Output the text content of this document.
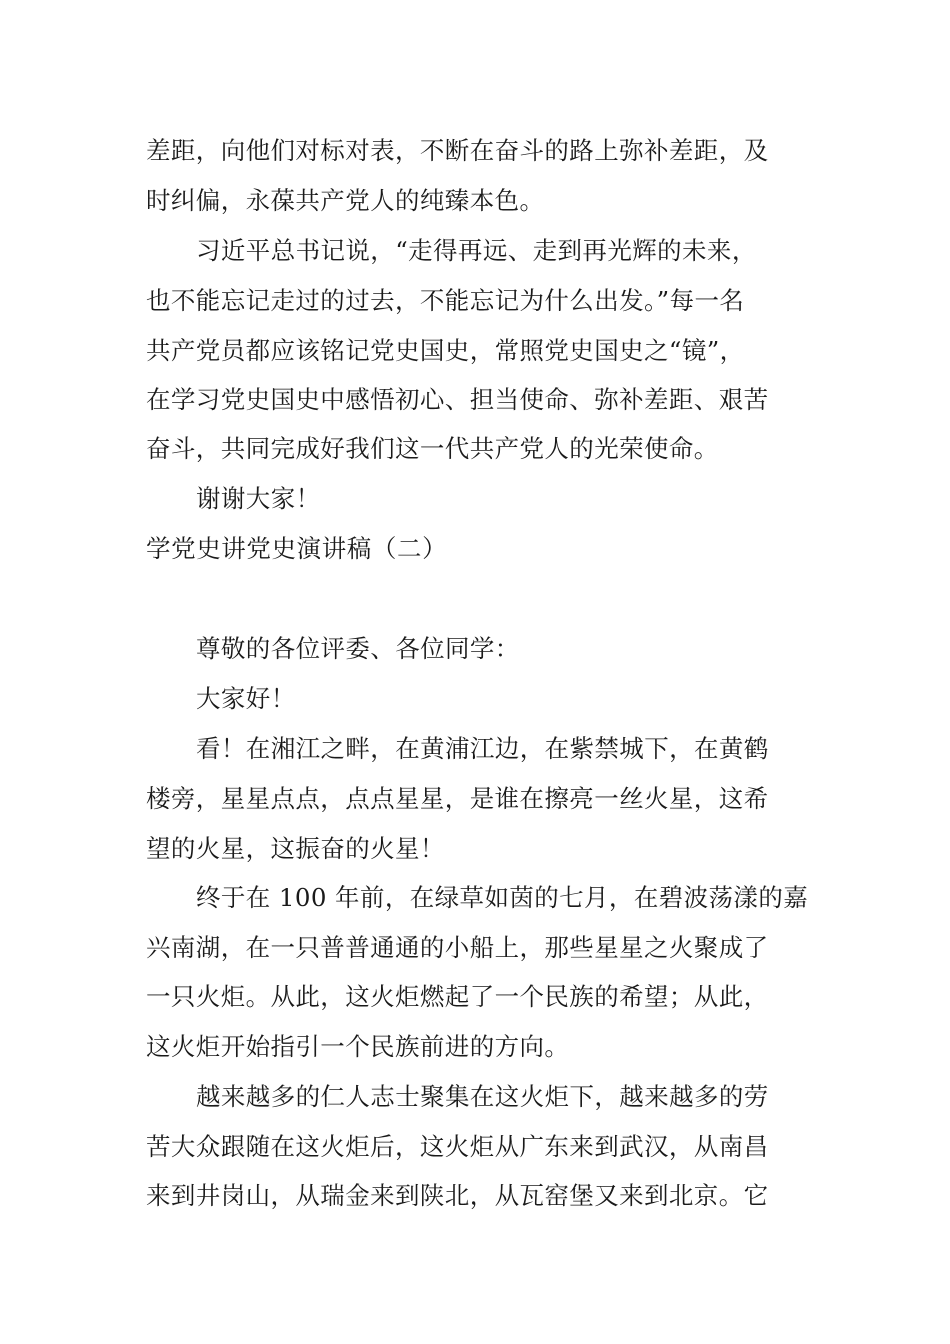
差距，向他们对标对表，不断在奋斗的路上弥补差距，及
时纠偏，永葆共产党人的纯臻本色。
习近平总书记说，“走得再远、走到再光辉的未来，
也不能忘记走过的过去，不能忘记为什么出发。”每一名
共产党员都应该铭记党史国史，常照党史国史之“镜”，
在学习党史国史中感悟初心、担当使命、弥补差距、艰苦
奋斗，共同完成好我们这一代共产党人的光荣使命。
谢谢大家！
学党史讲党史演讲稿（二）
尊敬的各位评委、各位同学：
大家好！
看！在湘江之畔，在黄浦江边，在紫禁城下，在黄鹤
楼旁，星星点点，点点星星，是谁在擦亮一丝火星，这希
望的火星，这振奋的火星！
终于在 100 年前，在绿草如茵的七月，在碧波荡漾的嘉
兴南湖，在一只普普通通的小船上，那些星星之火聚成了
一只火炬。从此，这火炬燃起了一个民族的希望；从此，
这火炬开始指引一个民族前进的方向。
越来越多的仁人志士聚集在这火炬下，越来越多的劳
苦大众跟随在这火炬后，这火炬从广东来到武汉，从南昌
来到井岗山，从瑞金来到陕北，从瓦窑堡又来到北京。它
